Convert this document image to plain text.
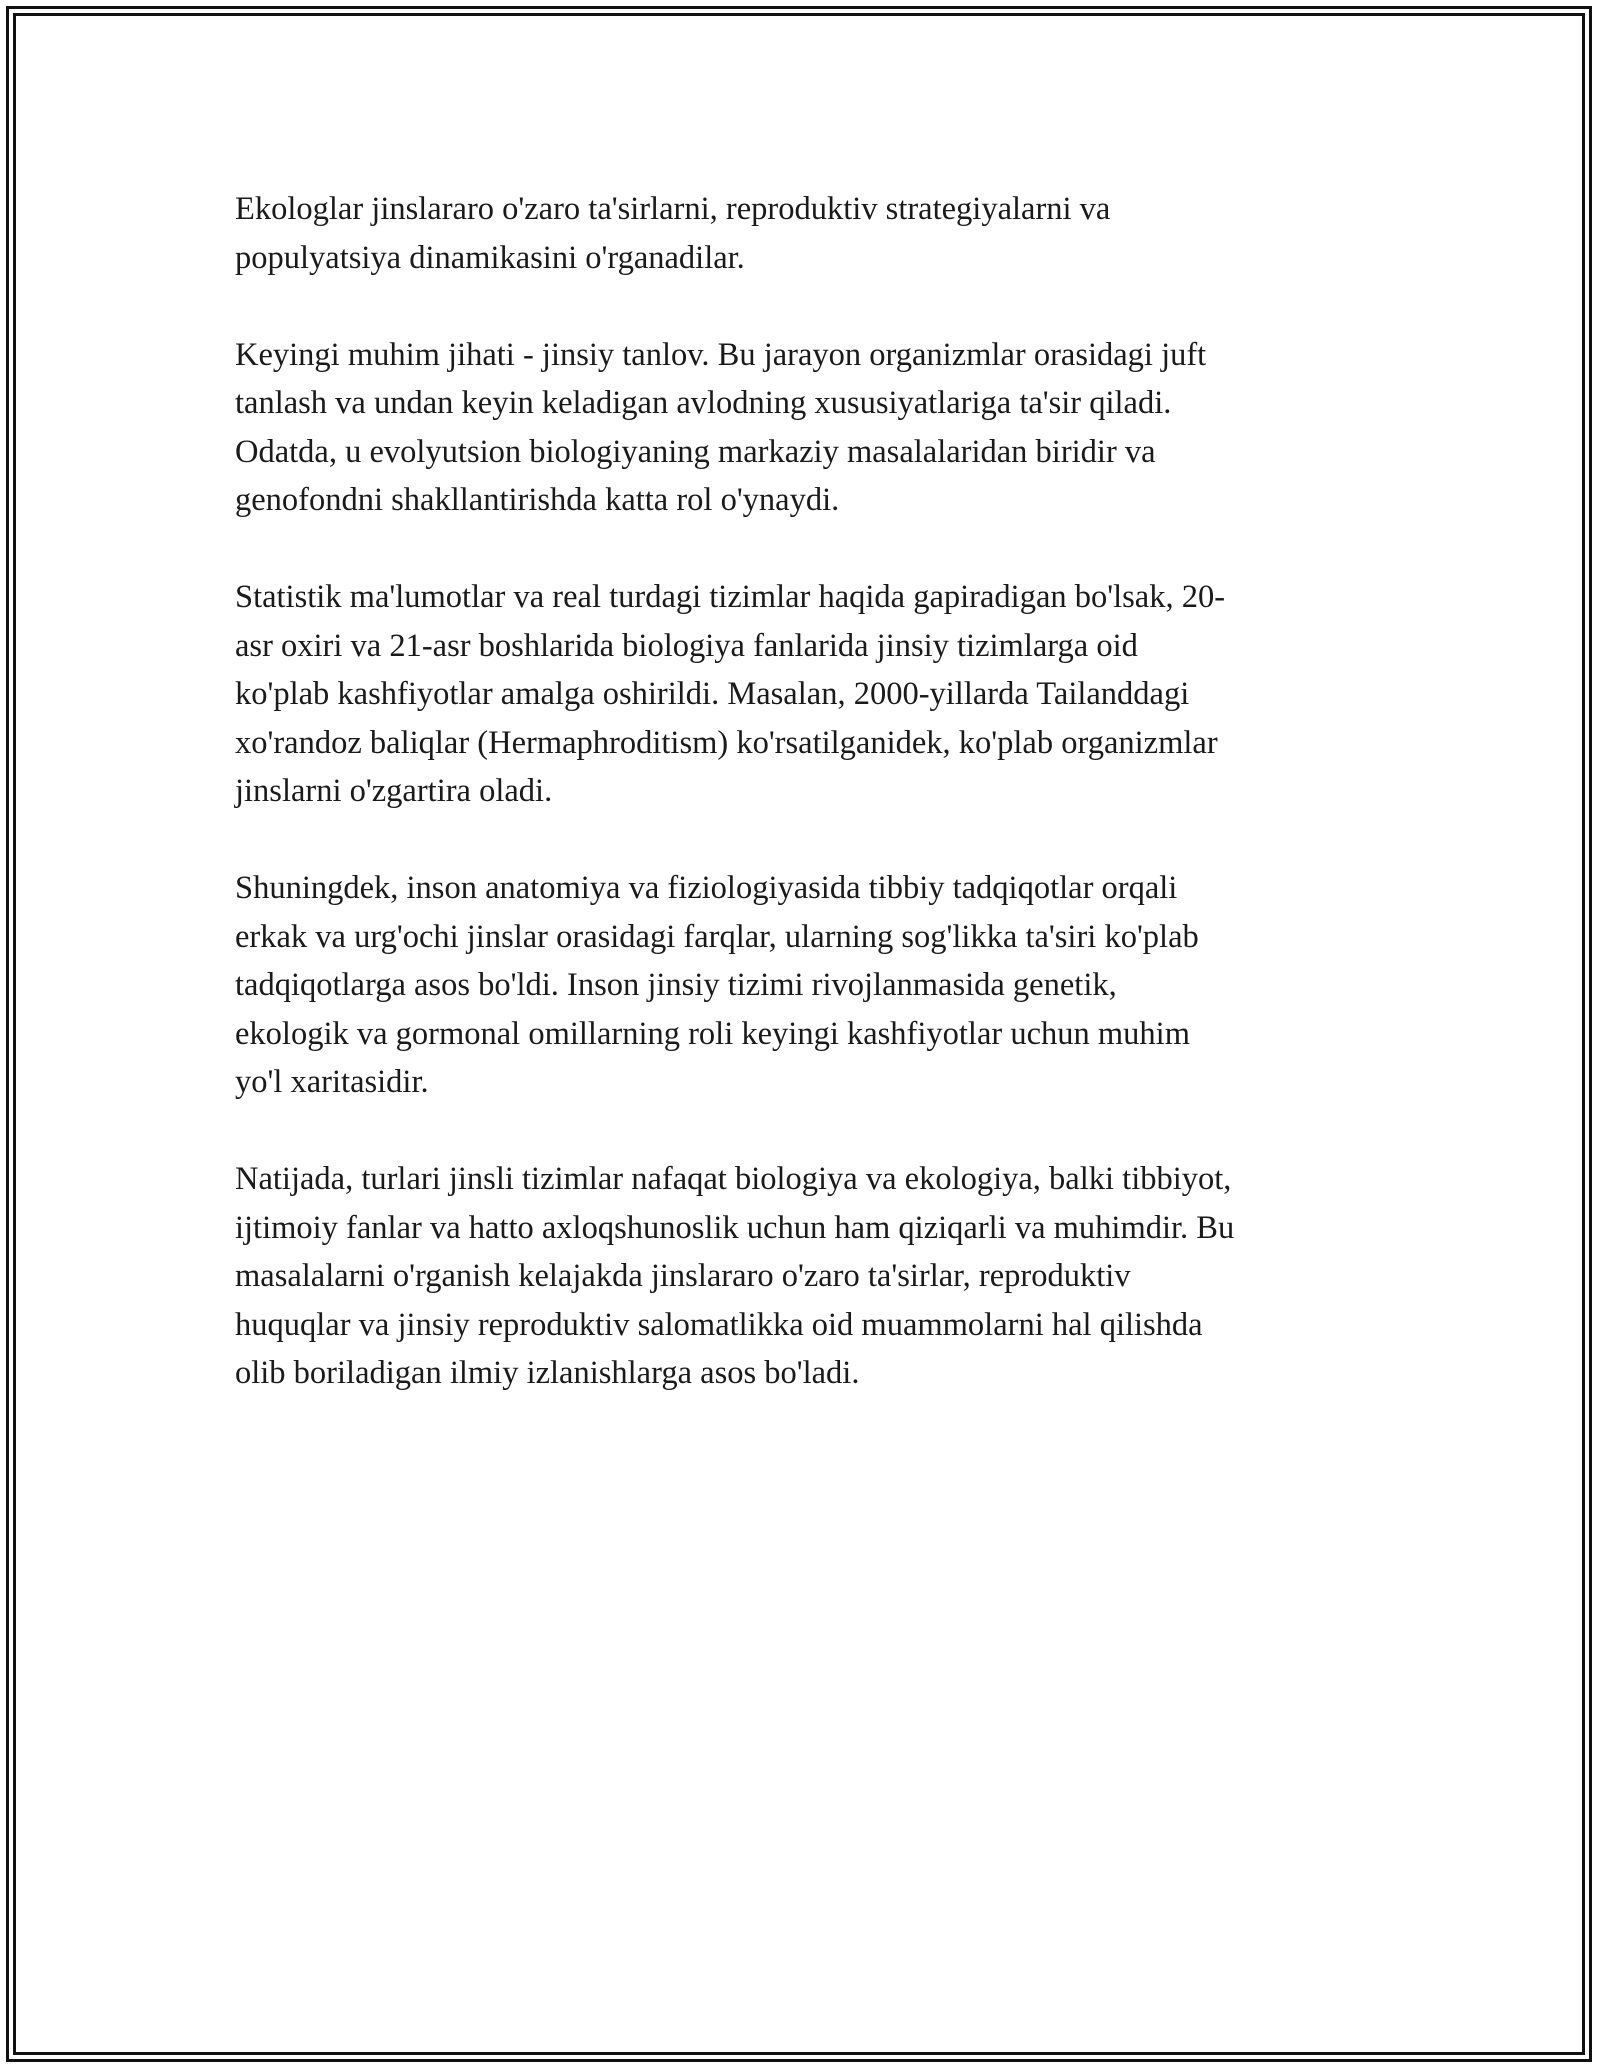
Ekologlar jinslararo o'zaro ta'sirlarni, reproduktiv strategiyalarni va
populyatsiya dinamikasini o'rganadilar.

Keyingi muhim jihati - jinsiy tanlov. Bu jarayon organizmlar orasidagi juft
tanlash va undan keyin keladigan avlodning xususiyatlariga ta'sir qiladi.
Odatda, u evolyutsion biologiyaning markaziy masalalaridan biridir va
genofondni shakllantirishda katta rol o'ynaydi.

Statistik ma'lumotlar va real turdagi tizimlar haqida gapiradigan bo'lsak, 20-
asr oxiri va 21-asr boshlarida biologiya fanlarida jinsiy tizimlarga oid
ko'plab kashfiyotlar amalga oshirildi. Masalan, 2000-yillarda Tailanddagi
xo'randoz baliqlar (Hermaphroditism) ko'rsatilganidek, ko'plab organizmlar
jinslarni o'zgartira oladi.

Shuningdek, inson anatomiya va fiziologiyasida tibbiy tadqiqotlar orqali
erkak va urg'ochi jinslar orasidagi farqlar, ularning sog'likka ta'siri ko'plab
tadqiqotlarga asos bo'ldi. Inson jinsiy tizimi rivojlanmasida genetik,
ekologik va gormonal omillarning roli keyingi kashfiyotlar uchun muhim
yo'l xaritasidir.

Natijada, turlari jinsli tizimlar nafaqat biologiya va ekologiya, balki tibbiyot,
ijtimoiy fanlar va hatto axloqshunoslik uchun ham qiziqarli va muhimdir. Bu
masalalarni o'rganish kelajakda jinslararo o'zaro ta'sirlar, reproduktiv
huquqlar va jinsiy reproduktiv salomatlikka oid muammolarni hal qilishda
olib boriladigan ilmiy izlanishlarga asos bo'ladi.
